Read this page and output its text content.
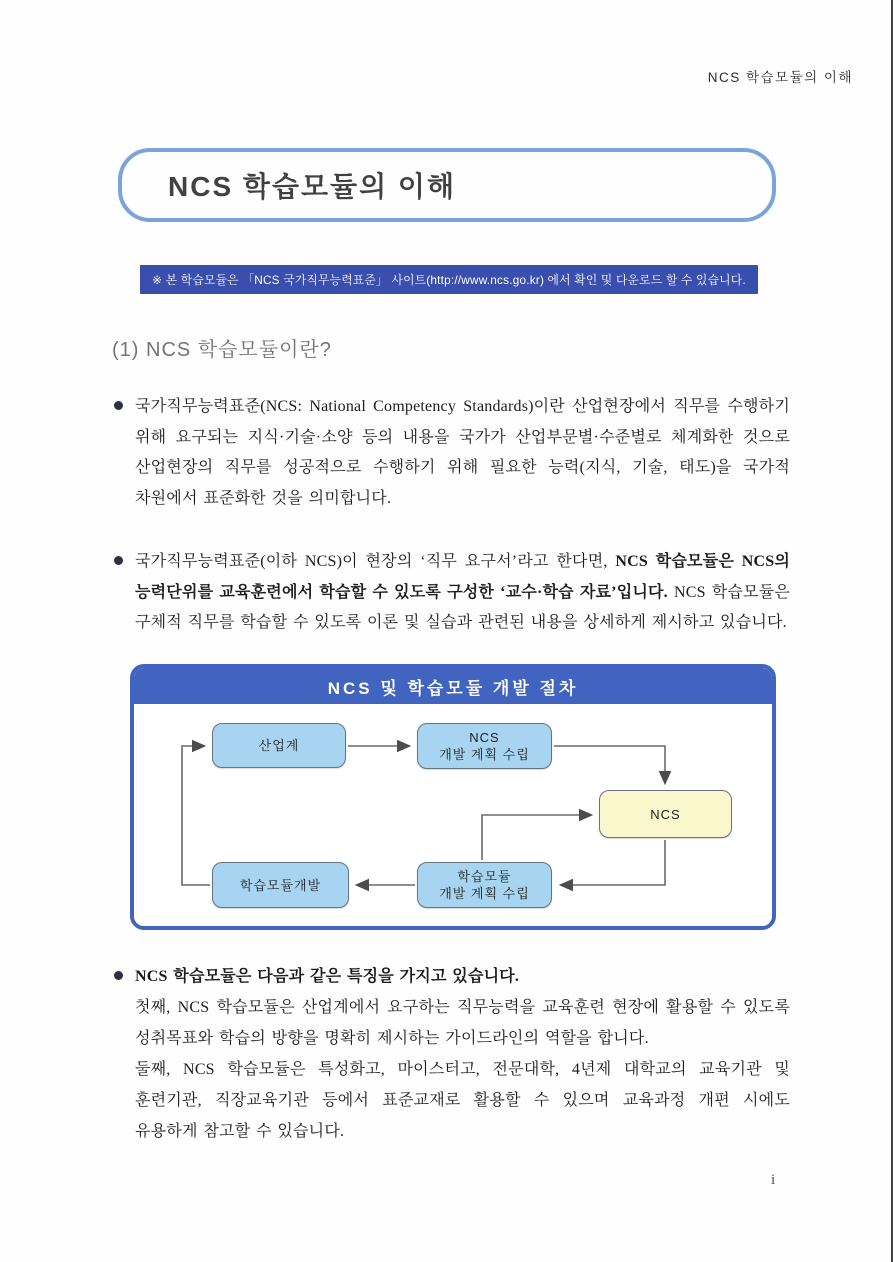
NCS 학습모듈의 이해
NCS 학습모듈의 이해
※ 본 학습모듈은 「NCS 국가직무능력표준」 사이트(http://www.ncs.go.kr) 에서 확인 및 다운로드 할 수 있습니다.
(1) NCS 학습모듈이란?
국가직무능력표준(NCS: National Competency Standards)이란 산업현장에서 직무를 수행하기 위해 요구되는 지식·기술·소양 등의 내용을 국가가 산업부문별·수준별로 체계화한 것으로 산업현장의 직무를 성공적으로 수행하기 위해 필요한 능력(지식, 기술, 태도)을 국가적 차원에서 표준화한 것을 의미합니다.
국가직무능력표준(이하 NCS)이 현장의 ‘직무 요구서’라고 한다면, NCS 학습모듈은 NCS의 능력단위를 교육훈련에서 학습할 수 있도록 구성한 ‘교수·학습 자료’입니다. NCS 학습모듈은 구체적 직무를 학습할 수 있도록 이론 및 실습과 관련된 내용을 상세하게 제시하고 있습니다.
NCS 및 학습모듈 개발 절차
산업계
NCS
개발 계획 수립
NCS
학습모듈개발
학습모듈
개발 계획 수립
NCS 학습모듈은 다음과 같은 특징을 가지고 있습니다.
첫째, NCS 학습모듈은 산업계에서 요구하는 직무능력을 교육훈련 현장에 활용할 수 있도록 성취목표와 학습의 방향을 명확히 제시하는 가이드라인의 역할을 합니다.
둘째, NCS 학습모듈은 특성화고, 마이스터고, 전문대학, 4년제 대학교의 교육기관 및 훈련기관, 직장교육기관 등에서 표준교재로 활용할 수 있으며 교육과정 개편 시에도 유용하게 참고할 수 있습니다.
i
